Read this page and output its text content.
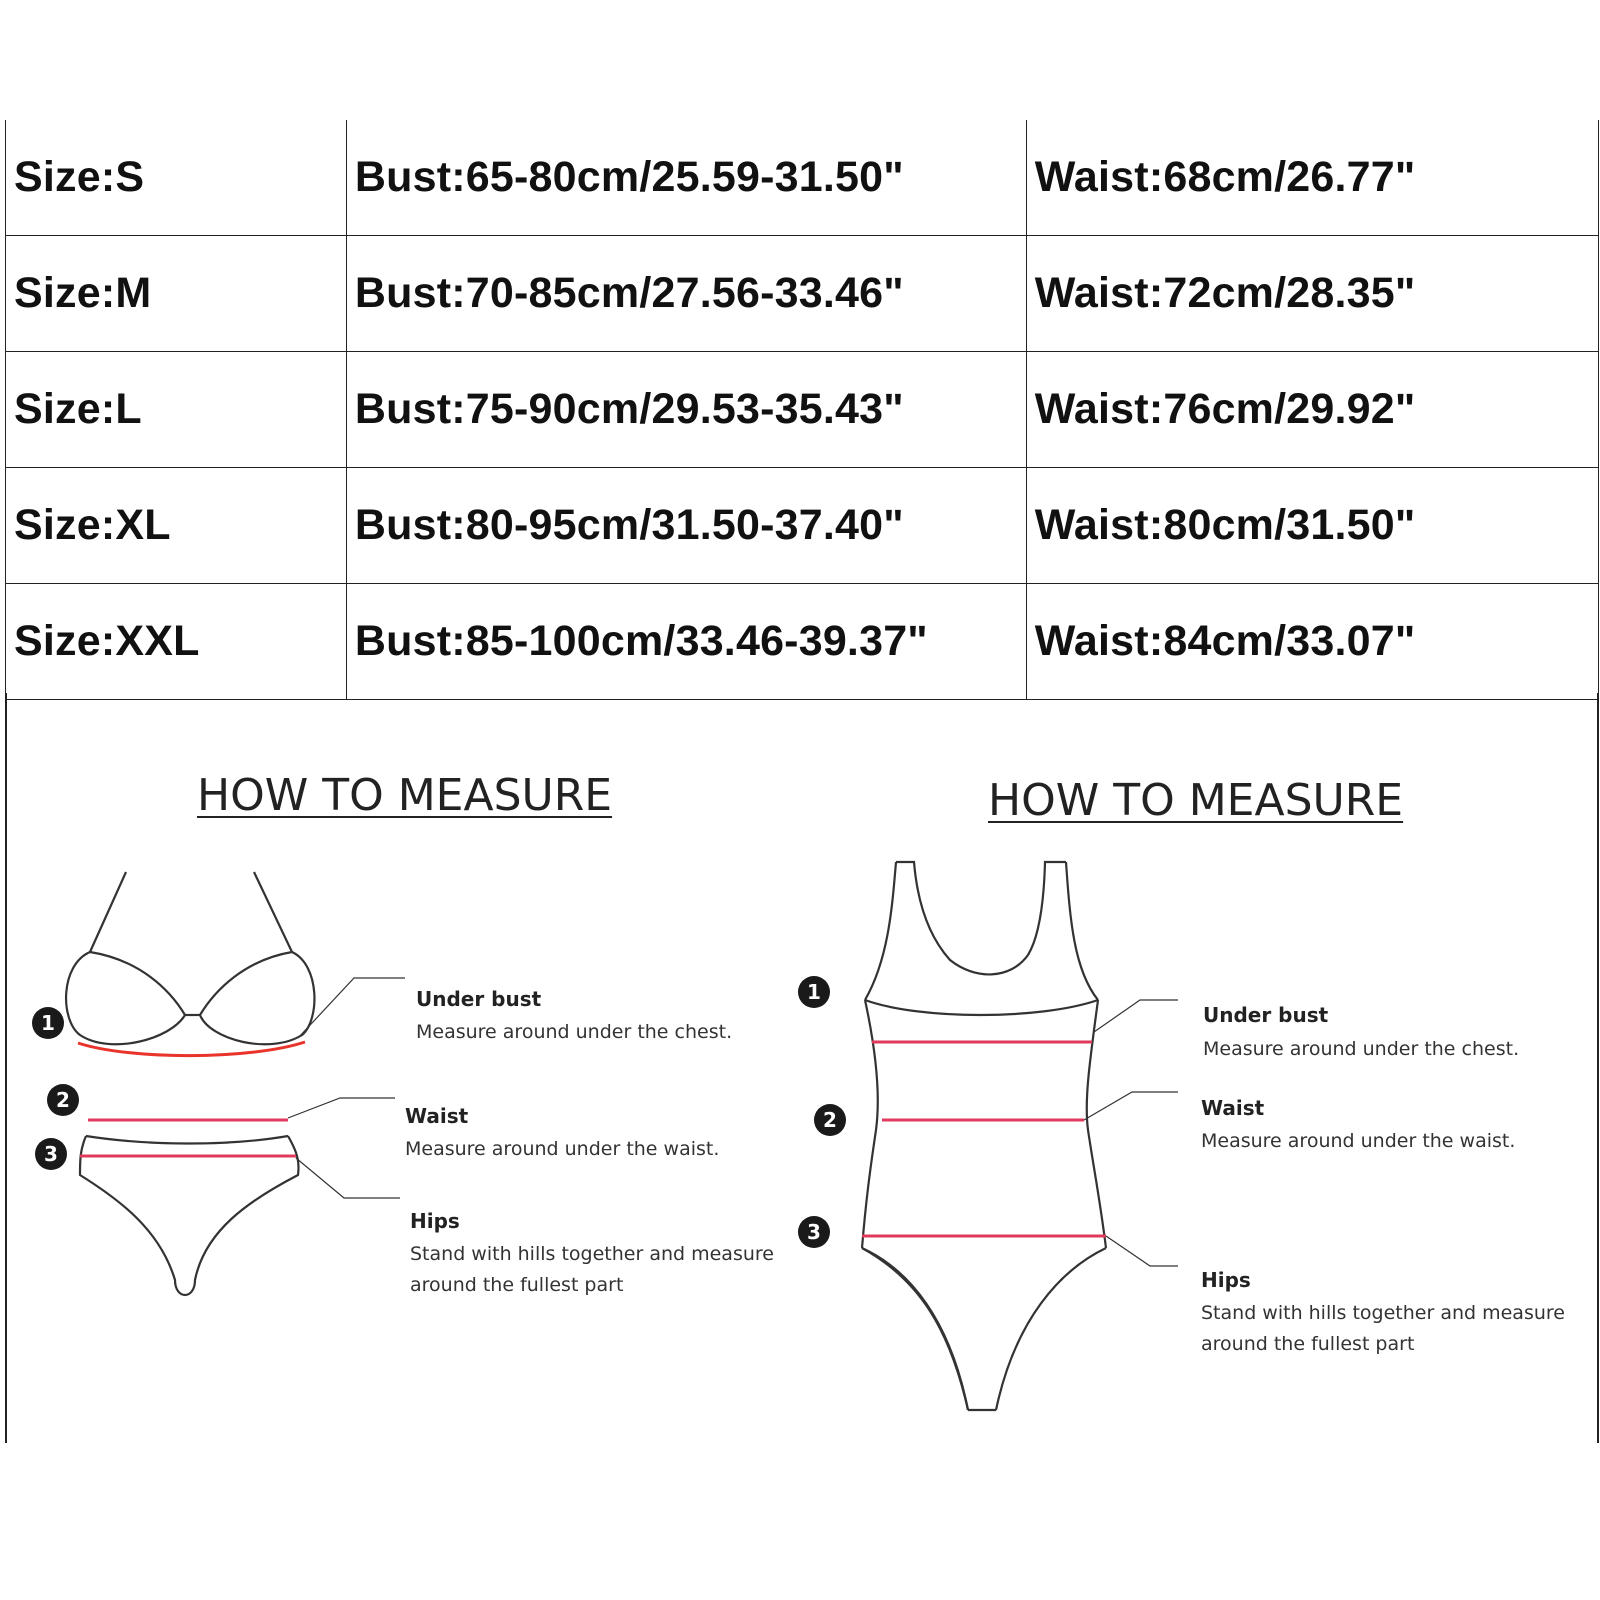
Size:S	Bust:65-80cm/25.59-31.50"	Waist:68cm/26.77"
Size:M	Bust:70-85cm/27.56-33.46"	Waist:72cm/28.35"
Size:L	Bust:75-90cm/29.53-35.43"	Waist:76cm/29.92"
Size:XL	Bust:80-95cm/31.50-37.40"	Waist:80cm/31.50"
Size:XXL	Bust:85-100cm/33.46-39.37"	Waist:84cm/33.07"
HOW TO MEASURE
1
2
3
Under bust
Measure around under the chest.
Waist
Measure around under the waist.
Hips
Stand with hills together and measure
around the fullest part
HOW TO MEASURE
1
2
3
Under bust
Measure around under the chest.
Waist
Measure around under the waist.
Hips
Stand with hills together and measure
around the fullest part
